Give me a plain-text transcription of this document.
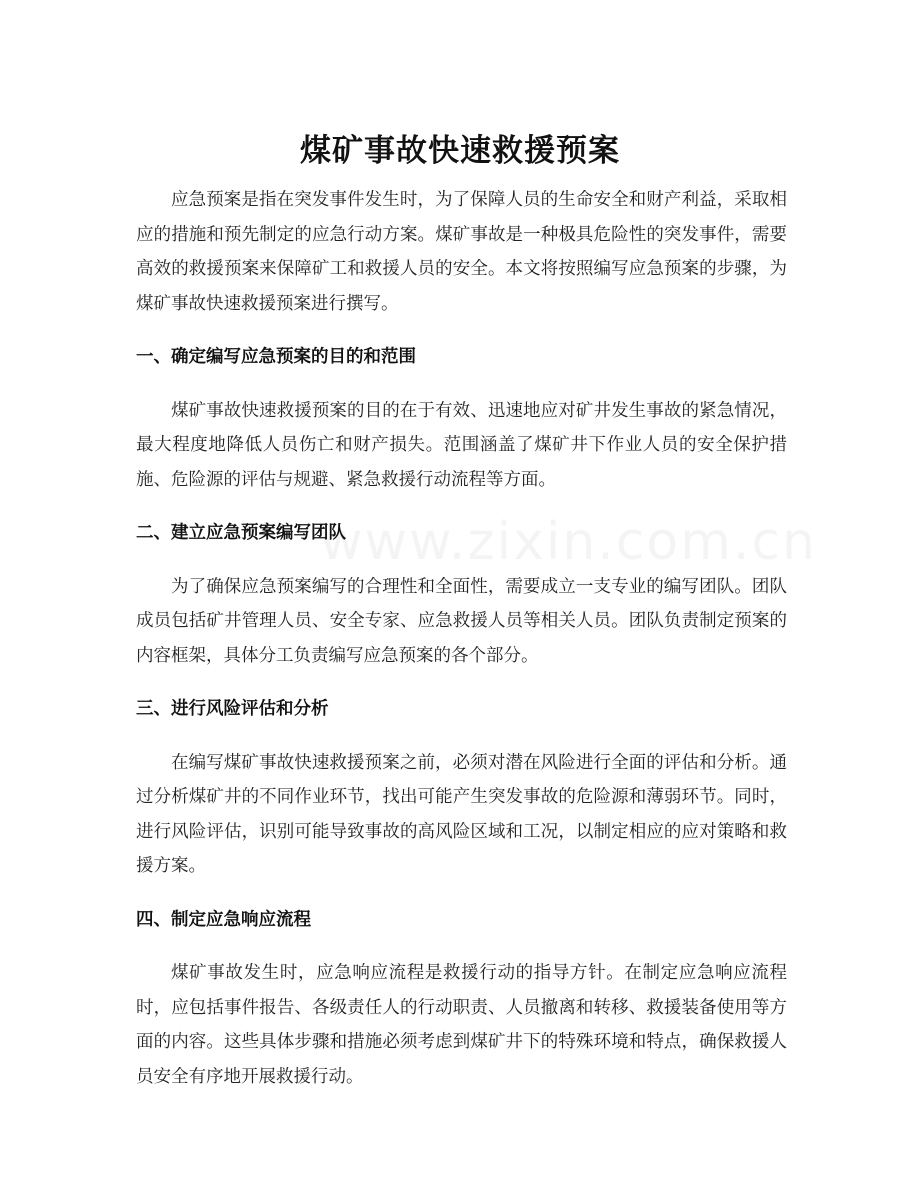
煤矿事故快速救援预案

应急预案是指在突发事件发生时，为了保障人员的生命安全和财产利益，采取相应的措施和预先制定的应急行动方案。煤矿事故是一种极具危险性的突发事件，需要高效的救援预案来保障矿工和救援人员的安全。本文将按照编写应急预案的步骤，为煤矿事故快速救援预案进行撰写。

一、确定编写应急预案的目的和范围

煤矿事故快速救援预案的目的在于有效、迅速地应对矿井发生事故的紧急情况，最大程度地降低人员伤亡和财产损失。范围涵盖了煤矿井下作业人员的安全保护措施、危险源的评估与规避、紧急救援行动流程等方面。

二、建立应急预案编写团队

为了确保应急预案编写的合理性和全面性，需要成立一支专业的编写团队。团队成员包括矿井管理人员、安全专家、应急救援人员等相关人员。团队负责制定预案的内容框架，具体分工负责编写应急预案的各个部分。

三、进行风险评估和分析

在编写煤矿事故快速救援预案之前，必须对潜在风险进行全面的评估和分析。通过分析煤矿井的不同作业环节，找出可能产生突发事故的危险源和薄弱环节。同时，进行风险评估，识别可能导致事故的高风险区域和工况，以制定相应的应对策略和救援方案。

四、制定应急响应流程

煤矿事故发生时，应急响应流程是救援行动的指导方针。在制定应急响应流程时，应包括事件报告、各级责任人的行动职责、人员撤离和转移、救援装备使用等方面的内容。这些具体步骤和措施必须考虑到煤矿井下的特殊环境和特点，确保救援人员安全有序地开展救援行动。
